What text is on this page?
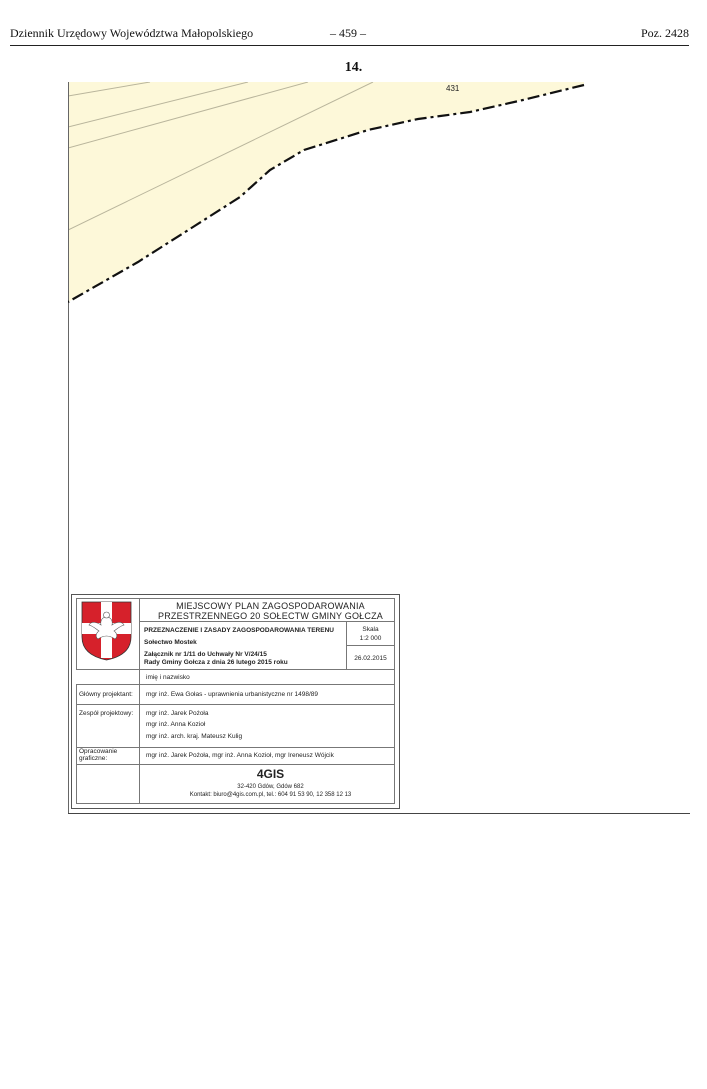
Dziennik Urzędowy Województwa Małopolskiego	– 459 –	Poz. 2428
14.
431
MIEJSCOWY PLAN ZAGOSPODAROWANIA
PRZESTRZENNEGO 20 SOŁECTW GMINY GOŁCZA
PRZEZNACZENIE I ZASADY ZAGOSPODAROWANIA TERENU
Sołectwo Mostek
Załącznik nr 1/11 do Uchwały Nr V/24/15
Rady Gminy Gołcza z dnia 26 lutego 2015 roku
Skala
1:2 000
26.02.2015
imię i nazwisko
Główny projektant: mgr inż. Ewa Gołas - uprawnienia urbanistyczne nr 1498/89
Zespół projektowy: mgr inż. Jarek Pożoła
mgr inż. Anna Kozioł
mgr inż. arch. kraj. Mateusz Kulig
Opracowanie
graficzne:	mgr inż. Jarek Pożoła, mgr inż. Anna Kozioł, mgr Ireneusz Wójcik
4GIS
32-420 Gdów, Gdów 682
Kontakt: biuro@4gis.com.pl, tel.: 604 91 53 90, 12 358 12 13
